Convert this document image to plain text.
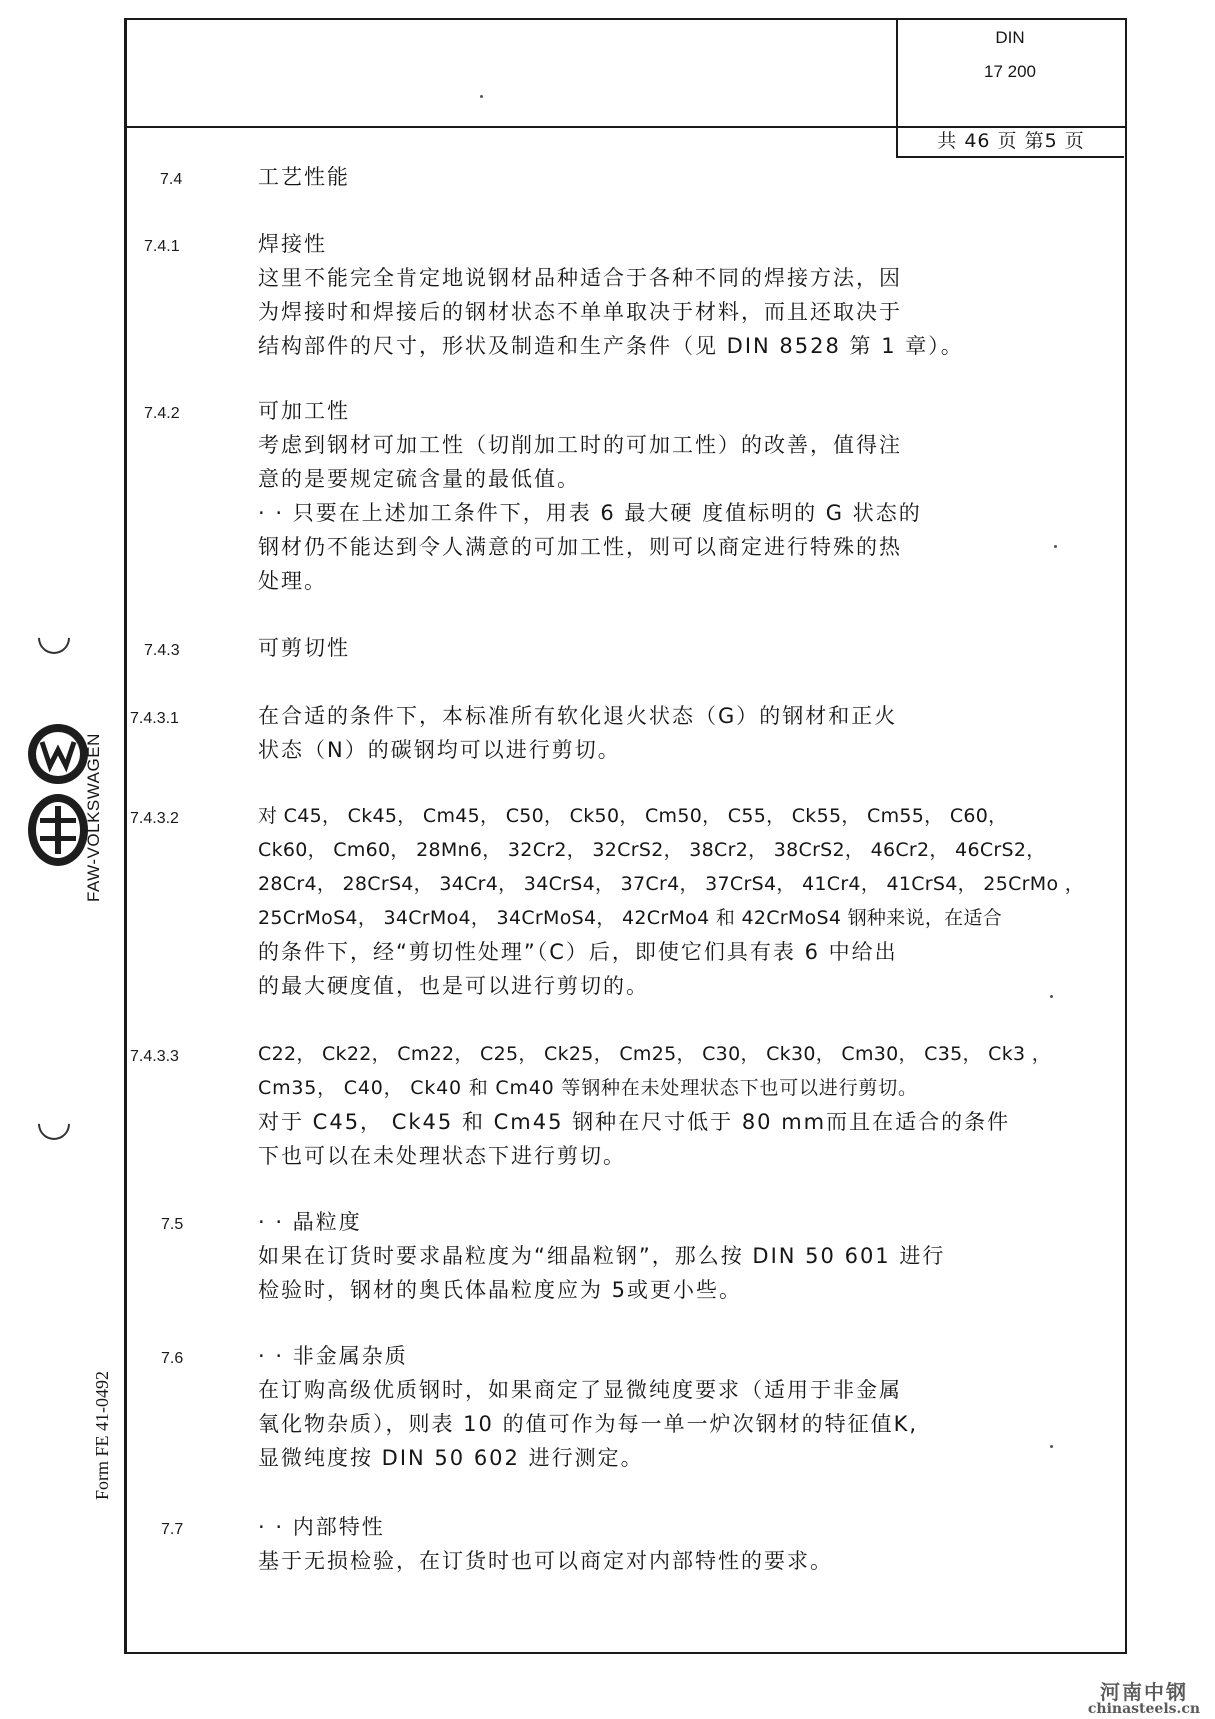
DIN
17 200
共 46 页 第5 页
7.4	工艺性能
7.4.1	焊接性
这里不能完全肯定地说钢材品种适合于各种不同的焊接方法，因
为焊接时和焊接后的钢材状态不单单取决于材料，而且还取决于
结构部件的尺寸，形状及制造和生产条件（见 DIN 8528 第 1 章）。
7.4.2	可加工性
考虑到钢材可加工性（切削加工时的可加工性）的改善，值得注
意的是要规定硫含量的最低值。
· · 只要在上述加工条件下，用表 6 最大硬 度值标明的 G 状态的
钢材仍不能达到令人满意的可加工性，则可以商定进行特殊的热
处理。
7.4.3	可剪切性
7.4.3.1	在合适的条件下，本标准所有软化退火状态（G）的钢材和正火
状态（N）的碳钢均可以进行剪切。
7.4.3.2	对 C45， Ck45， Cm45， C50， Ck50， Cm50， C55， Ck55， Cm55， C60，
Ck60， Cm60， 28Mn6， 32Cr2， 32CrS2， 38Cr2， 38CrS2， 46Cr2， 46CrS2，
28Cr4， 28CrS4， 34Cr4， 34CrS4， 37Cr4， 37CrS4， 41Cr4， 41CrS4， 25CrMo ，
25CrMoS4， 34CrMo4， 34CrMoS4， 42CrMo4 和 42CrMoS4 钢种来说，在适合
的条件下，经“剪切性处理”（C）后，即使它们具有表 6 中给出
的最大硬度值，也是可以进行剪切的。
7.4.3.3	C22， Ck22， Cm22， C25， Ck25， Cm25， C30， Ck30， Cm30， C35， Ck3 ，
Cm35， C40， Ck40 和 Cm40 等钢种在未处理状态下也可以进行剪切。
对于 C45， Ck45 和 Cm45 钢种在尺寸低于 80 mm而且在适合的条件
下也可以在未处理状态下进行剪切。
7.5	· · 晶粒度
如果在订货时要求晶粒度为“细晶粒钢”，那么按 DIN 50 601 进行
检验时，钢材的奥氏体晶粒度应为 5或更小些。
7.6	· · 非金属杂质
在订购高级优质钢时，如果商定了显微纯度要求（适用于非金属
氧化物杂质），则表 10 的值可作为每一单一炉次钢材的特征值K,
显微纯度按 DIN 50 602 进行测定。
7.7	· · 内部特性
基于无损检验，在订货时也可以商定对内部特性的要求。
FAW-VOLKSWAGEN
Form FE 41-0492
河南中钢
chinasteels.cn
